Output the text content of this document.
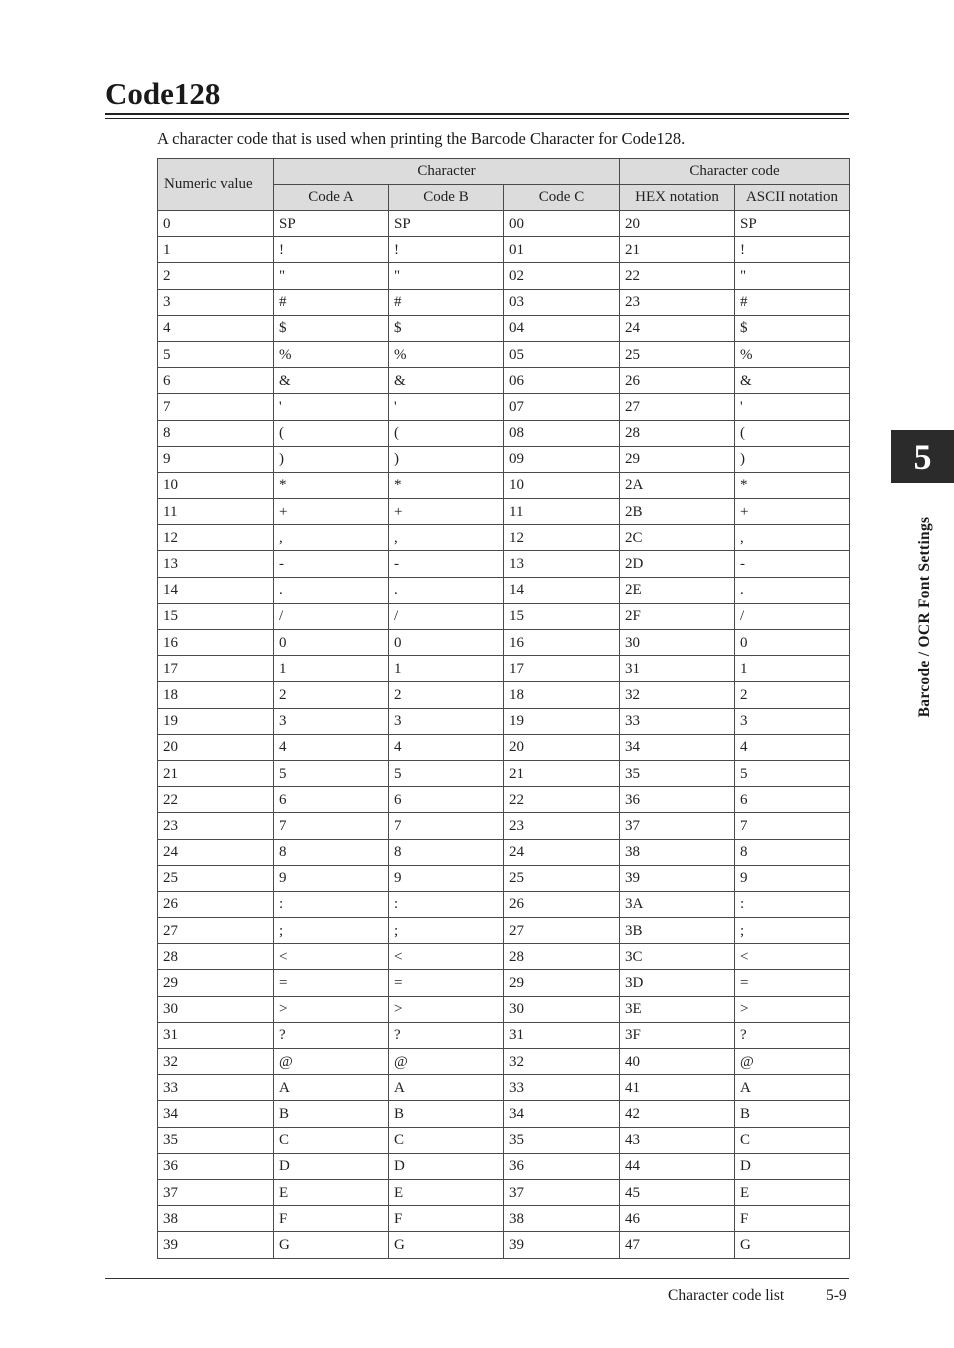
Code128

A character code that is used when printing the Barcode Character for Code128.

Numeric value	Character			Character code	
	Code A	Code B	Code C	HEX notation	ASCII notation
0	SP	SP	00	20	SP
1	!	!	01	21	!
2	"	"	02	22	"
3	#	#	03	23	#
4	$	$	04	24	$
5	%	%	05	25	%
6	&	&	06	26	&
7	'	'	07	27	'
8	(	(	08	28	(
9	)	)	09	29	)
10	*	*	10	2A	*
11	+	+	11	2B	+
12	,	,	12	2C	,
13	-	-	13	2D	-
14	.	.	14	2E	.
15	/	/	15	2F	/
16	0	0	16	30	0
17	1	1	17	31	1
18	2	2	18	32	2
19	3	3	19	33	3
20	4	4	20	34	4
21	5	5	21	35	5
22	6	6	22	36	6
23	7	7	23	37	7
24	8	8	24	38	8
25	9	9	25	39	9
26	:	:	26	3A	:
27	;	;	27	3B	;
28	<	<	28	3C	<
29	=	=	29	3D	=
30	>	>	30	3E	>
31	?	?	31	3F	?
32	@	@	32	40	@
33	A	A	33	41	A
34	B	B	34	42	B
35	C	C	35	43	C
36	D	D	36	44	D
37	E	E	37	45	E
38	F	F	38	46	F
39	G	G	39	47	G
5
Barcode / OCR Font Settings
Character code list	5-9
